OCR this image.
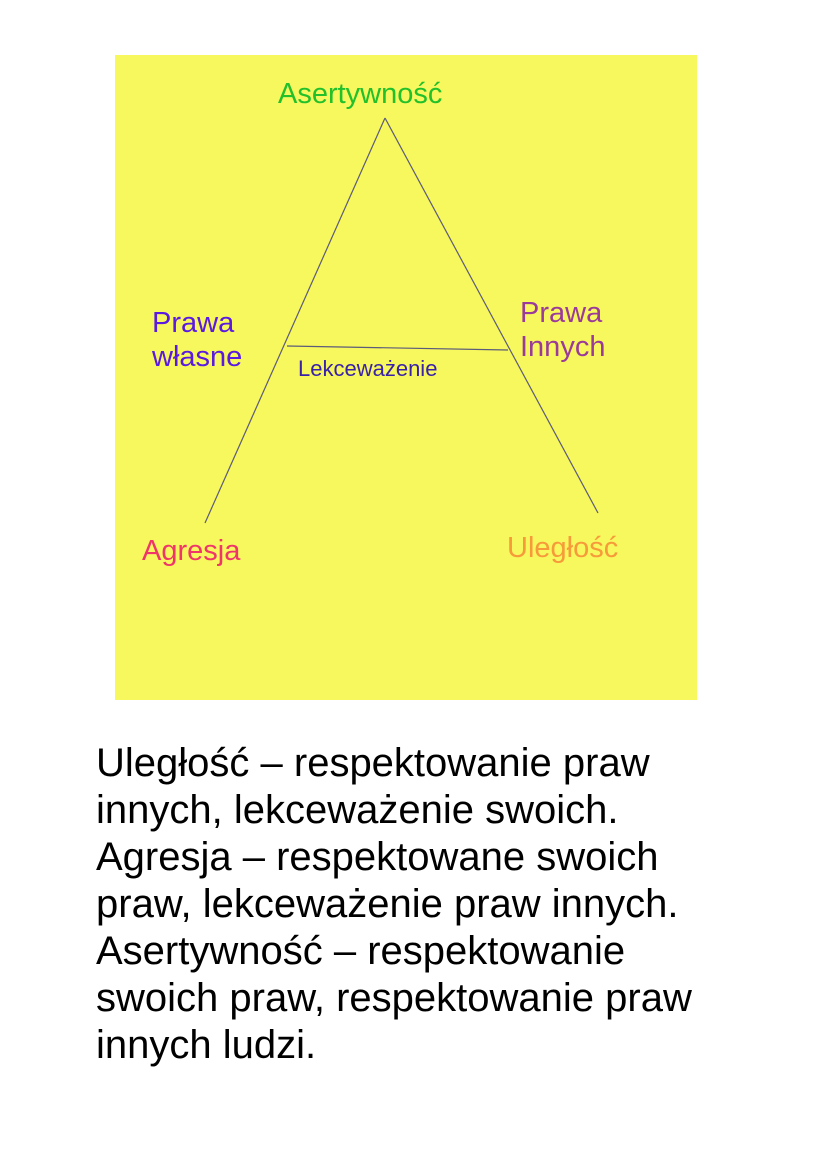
Asertywność

Prawa
własne

Prawa
Innych

Lekceważenie

Agresja	Uległość

Uległość – respektowanie praw
innych, lekceważenie swoich.
Agresja – respektowane swoich
praw, lekceważenie praw innych.
Asertywność – respektowanie
swoich praw, respektowanie praw
innych ludzi.
